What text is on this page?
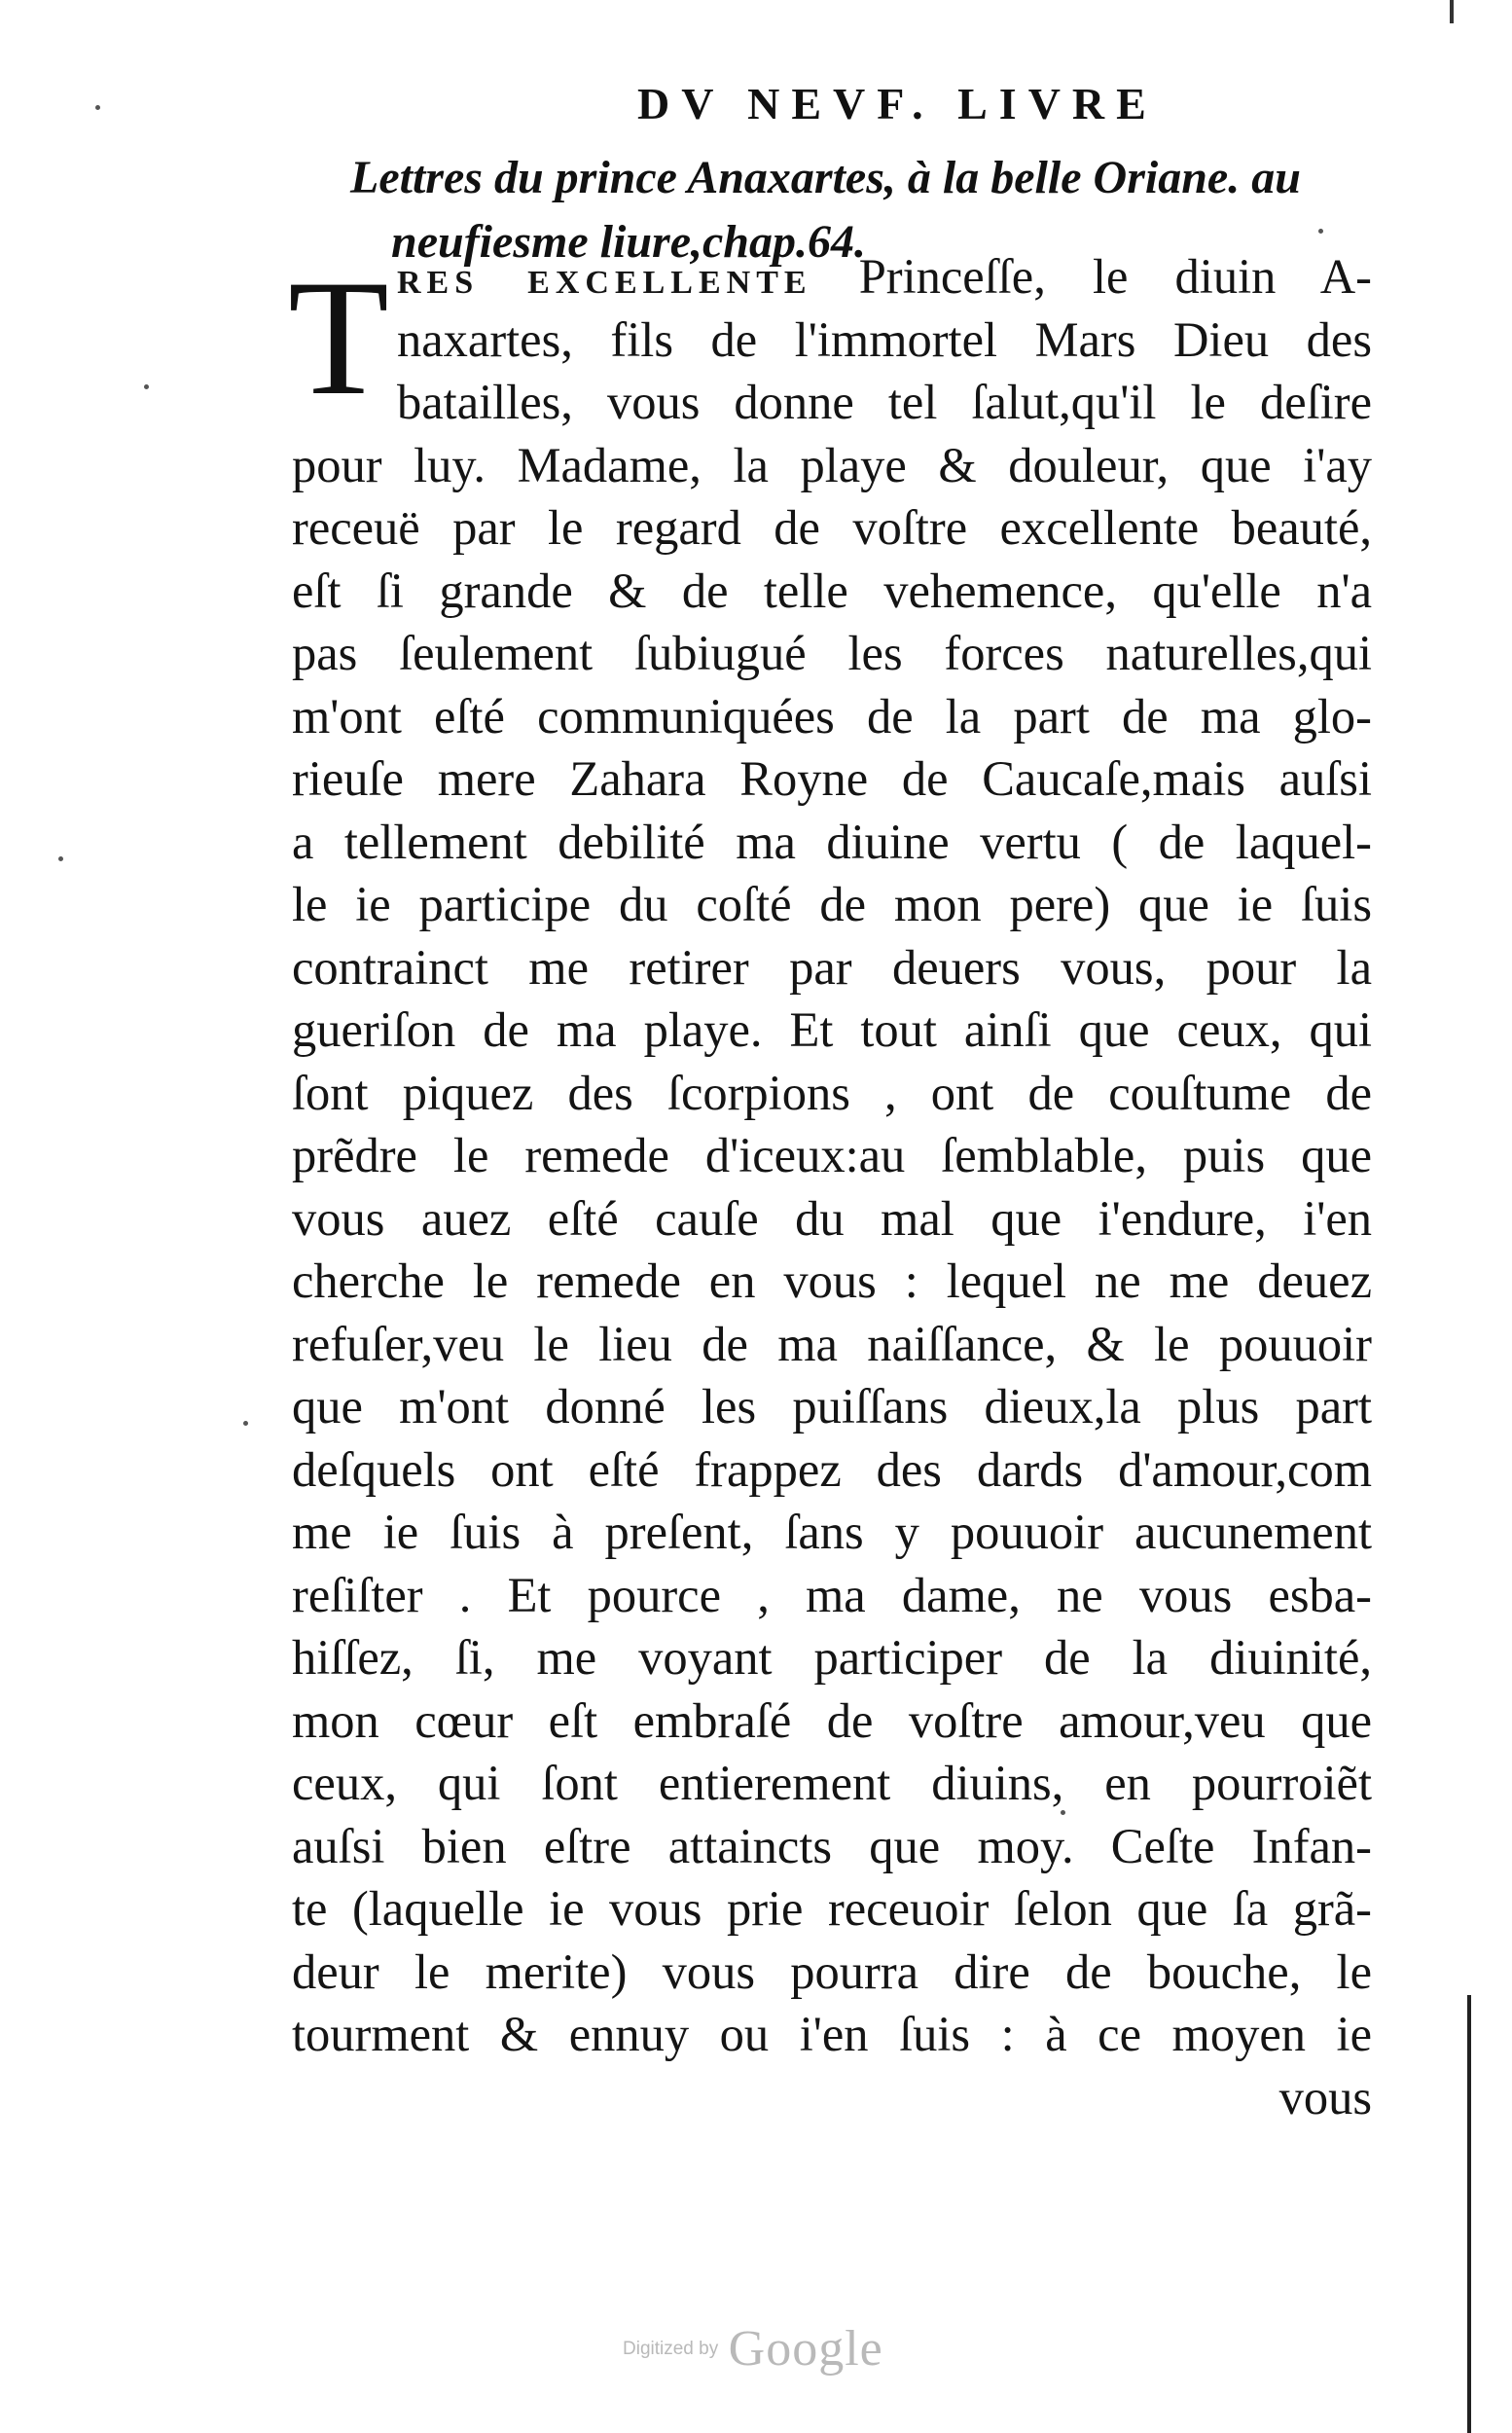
DV NEVF. LIVRE
Lettres du prince Anaxartes, à la belle Oriane. au
neufiesme liure,chap.64.
T RES EXCELLENTE Princeſſe, le diuin A-
naxartes, fils de l'immortel Mars Dieu des
batailles, vous donne tel ſalut,qu'il le deſire
pour luy. Madame, la playe & douleur, que i'ay
receuë par le regard de voſtre excellente beauté,
eſt ſi grande & de telle vehemence, qu'elle n'a
pas ſeulement ſubiugué les forces naturelles,qui
m'ont eſté communiquées de la part de ma glo-
rieuſe mere Zahara Royne de Caucaſe,mais auſsi
a tellement debilité ma diuine vertu ( de laquel-
le ie participe du coſté de mon pere) que ie ſuis
contrainct me retirer par deuers vous, pour la
gueriſon de ma playe. Et tout ainſi que ceux, qui
ſont piquez des ſcorpions , ont de couſtume de
prẽdre le remede d'iceux:au ſemblable, puis que
vous auez eſté cauſe du mal que i'endure, i'en
cherche le remede en vous : lequel ne me deuez
refuſer,veu le lieu de ma naiſſance, & le pouuoir
que m'ont donné les puiſſans dieux,la plus part
deſquels ont eſté frappez des dards d'amour,com
me ie ſuis à preſent, ſans y pouuoir aucunement
reſiſter . Et pource , ma dame, ne vous esba-
hiſſez, ſi, me voyant participer de la diuinité,
mon cœur eſt embraſé de voſtre amour,veu que
ceux, qui ſont entierement diuins, en pourroiẽt
auſsi bien eſtre attaincts que moy. Ceſte Infan-
te (laquelle ie vous prie receuoir ſelon que ſa grã-
deur le merite) vous pourra dire de bouche, le
tourment & ennuy ou i'en ſuis : à ce moyen ie
vous
Digitized by Google
